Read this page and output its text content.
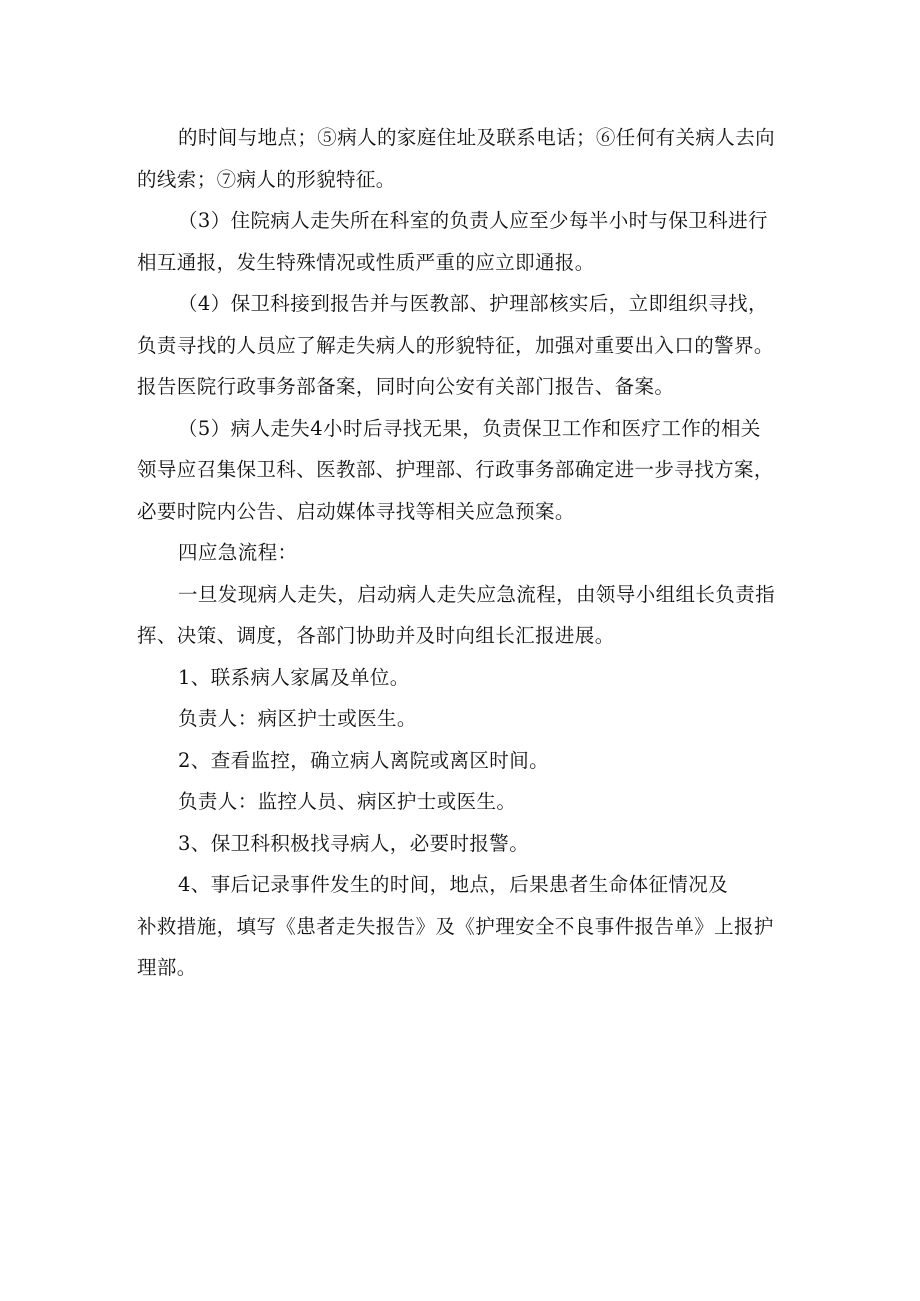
的时间与地点；⑤病人的家庭住址及联系电话；⑥任何有关病人去向
的线索；⑦病人的形貌特征。

（3）住院病人走失所在科室的负责人应至少每半小时与保卫科进行
相互通报，发生特殊情况或性质严重的应立即通报。

（4）保卫科接到报告并与医教部、护理部核实后，立即组织寻找，
负责寻找的人员应了解走失病人的形貌特征，加强对重要出入口的警界。
报告医院行政事务部备案，同时向公安有关部门报告、备案。

（5）病人走失4小时后寻找无果，负责保卫工作和医疗工作的相关
领导应召集保卫科、医教部、护理部、行政事务部确定进一步寻找方案，
必要时院内公告、启动媒体寻找等相关应急预案。

四应急流程：

一旦发现病人走失，启动病人走失应急流程，由领导小组组长负责指
挥、决策、调度，各部门协助并及时向组长汇报进展。

1、联系病人家属及单位。

负责人：病区护士或医生。

2、查看监控，确立病人离院或离区时间。

负责人：监控人员、病区护士或医生。

3、保卫科积极找寻病人，必要时报警。

4、事后记录事件发生的时间，地点，后果患者生命体征情况及
补救措施，填写《患者走失报告》及《护理安全不良事件报告单》上报护
理部。
